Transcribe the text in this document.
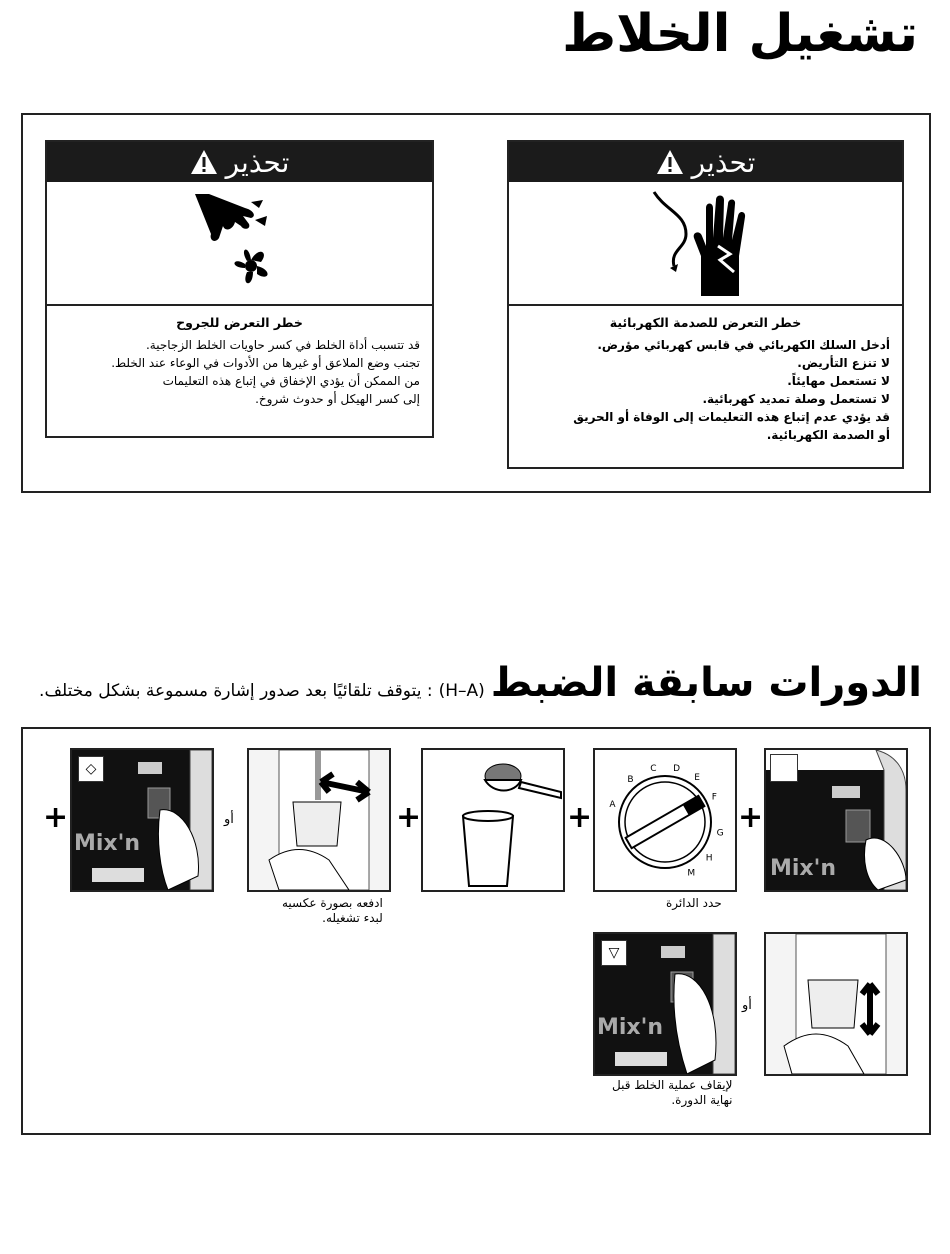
تشغيل الخلاط
تحذير
خطر التعرض للصدمة الكهربائية
أدخل السلك الكهربائي في قابس كهربائي مؤرض.
لا تنزع التأريض.
لا تستعمل مهايئاً.
لا تستعمل وصلة تمديد كهربائية.
قد يؤدي عدم إتباع هذه التعليمات إلى الوفاة أو الحريق
أو الصدمة الكهربائية.
تحذير
خطر التعرض للجروح
قد تتسبب أداة الخلط في كسر حاويات الخلط الزجاجية.
تجنب وضع الملاعق أو غيرها من الأدوات في الوعاء عند الخلط.
من الممكن أن يؤدي الإخفاق في إتباع هذه التعليمات
إلى كسر الهيكل أو حدوث شروخ.
الدورات سابقة الضبط
(H–A)
: يتوقف تلقائيًا بعد صدور إشارة مسموعة بشكل مختلف.
Mix'n
+
A
B
C D
E
F
G
H
M
حدد الدائرة
+
+
ادفعه بصورة عكسيه
لبدء تشغيله.
أو
Mix'n
◇
+
أو
Mix'n
▽
لإيقاف عملية الخلط قبل
نهاية الدورة.
